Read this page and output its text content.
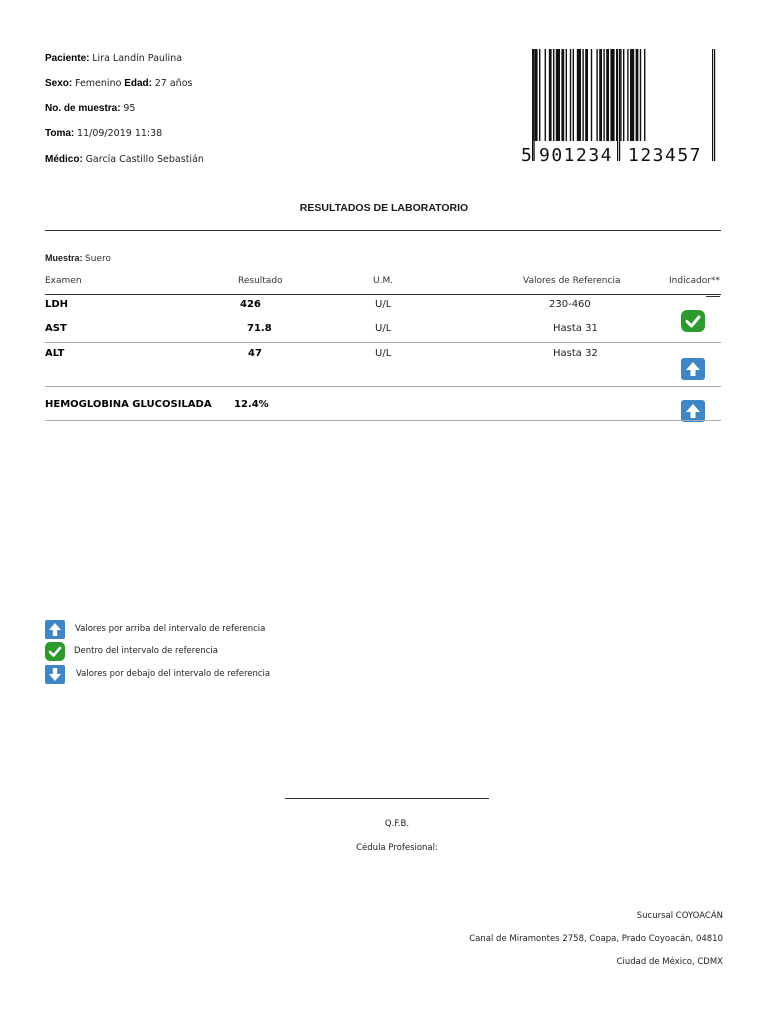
Paciente: Lira Landín Paulina
Sexo: Femenino Edad: 27 años
No. de muestra: 95
Toma: 11/09/2019 11:38
Médico: García Castillo Sebastián	5 901234 123457
RESULTADOS DE LABORATORIO
Muestra: Suero
Examen	Resultado	U.M.	Valores de Referencia	Indicador**
LDH	426	U/L	230-460
AST	71.8	U/L	Hasta 31
ALT	47	U/L	Hasta 32
HEMOGLOBINA GLUCOSILADA 12.4%
Valores por arriba del intervalo de referencia
Dentro del intervalo de referencia
Valores por debajo del intervalo de referencia
Q.F.B.
Cédula Profesional:
Sucursal COYOACÁN
Canal de Miramontes 2758, Coapa, Prado Coyoacán, 04810
Ciudad de México, CDMX
